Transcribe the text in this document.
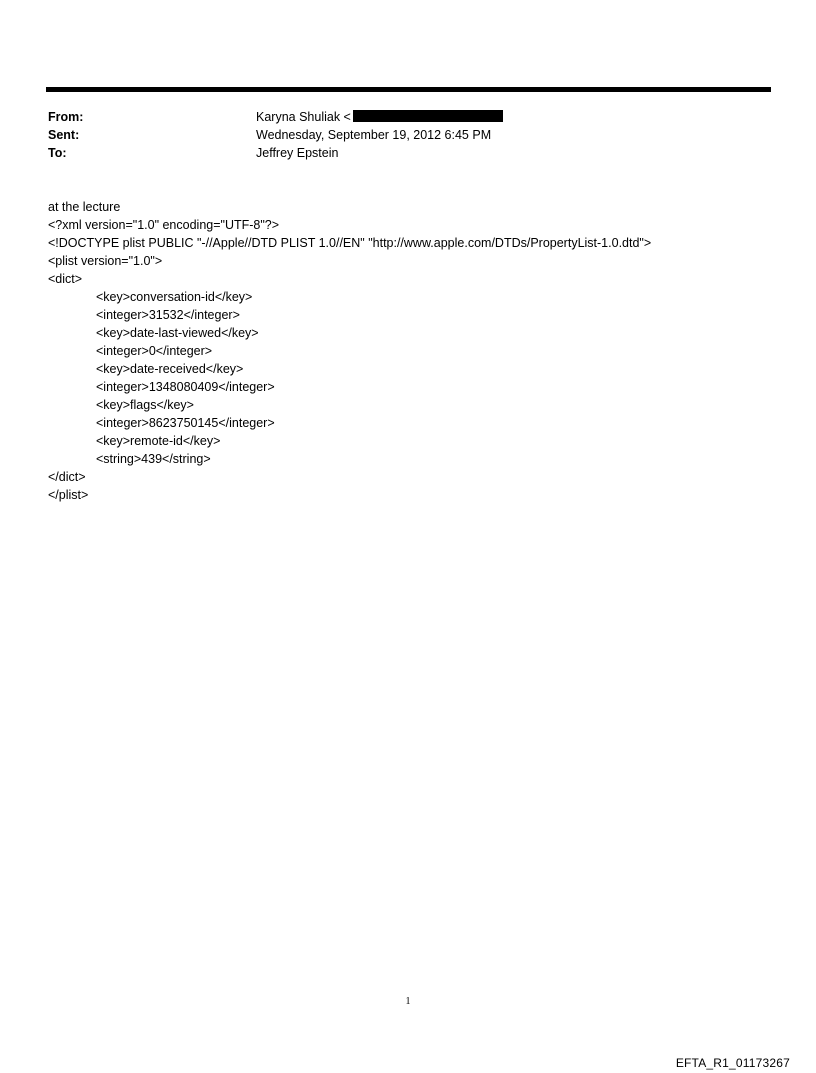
From:	Karyna Shuliak <
Sent:	Wednesday, September 19, 2012 6:45 PM
To:	Jeffrey Epstein
at the lecture
<?xml version="1.0" encoding="UTF-8"?>
<!DOCTYPE plist PUBLIC "-//Apple//DTD PLIST 1.0//EN" "http://www.apple.com/DTDs/PropertyList-1.0.dtd">
<plist version="1.0">
<dict>
<key>conversation-id</key>
<integer>31532</integer>
<key>date-last-viewed</key>
<integer>0</integer>
<key>date-received</key>
<integer>1348080409</integer>
<key>flags</key>
<integer>8623750145</integer>
<key>remote-id</key>
<string>439</string>
</dict>
</plist>
1
EFTA_R1_01173267
